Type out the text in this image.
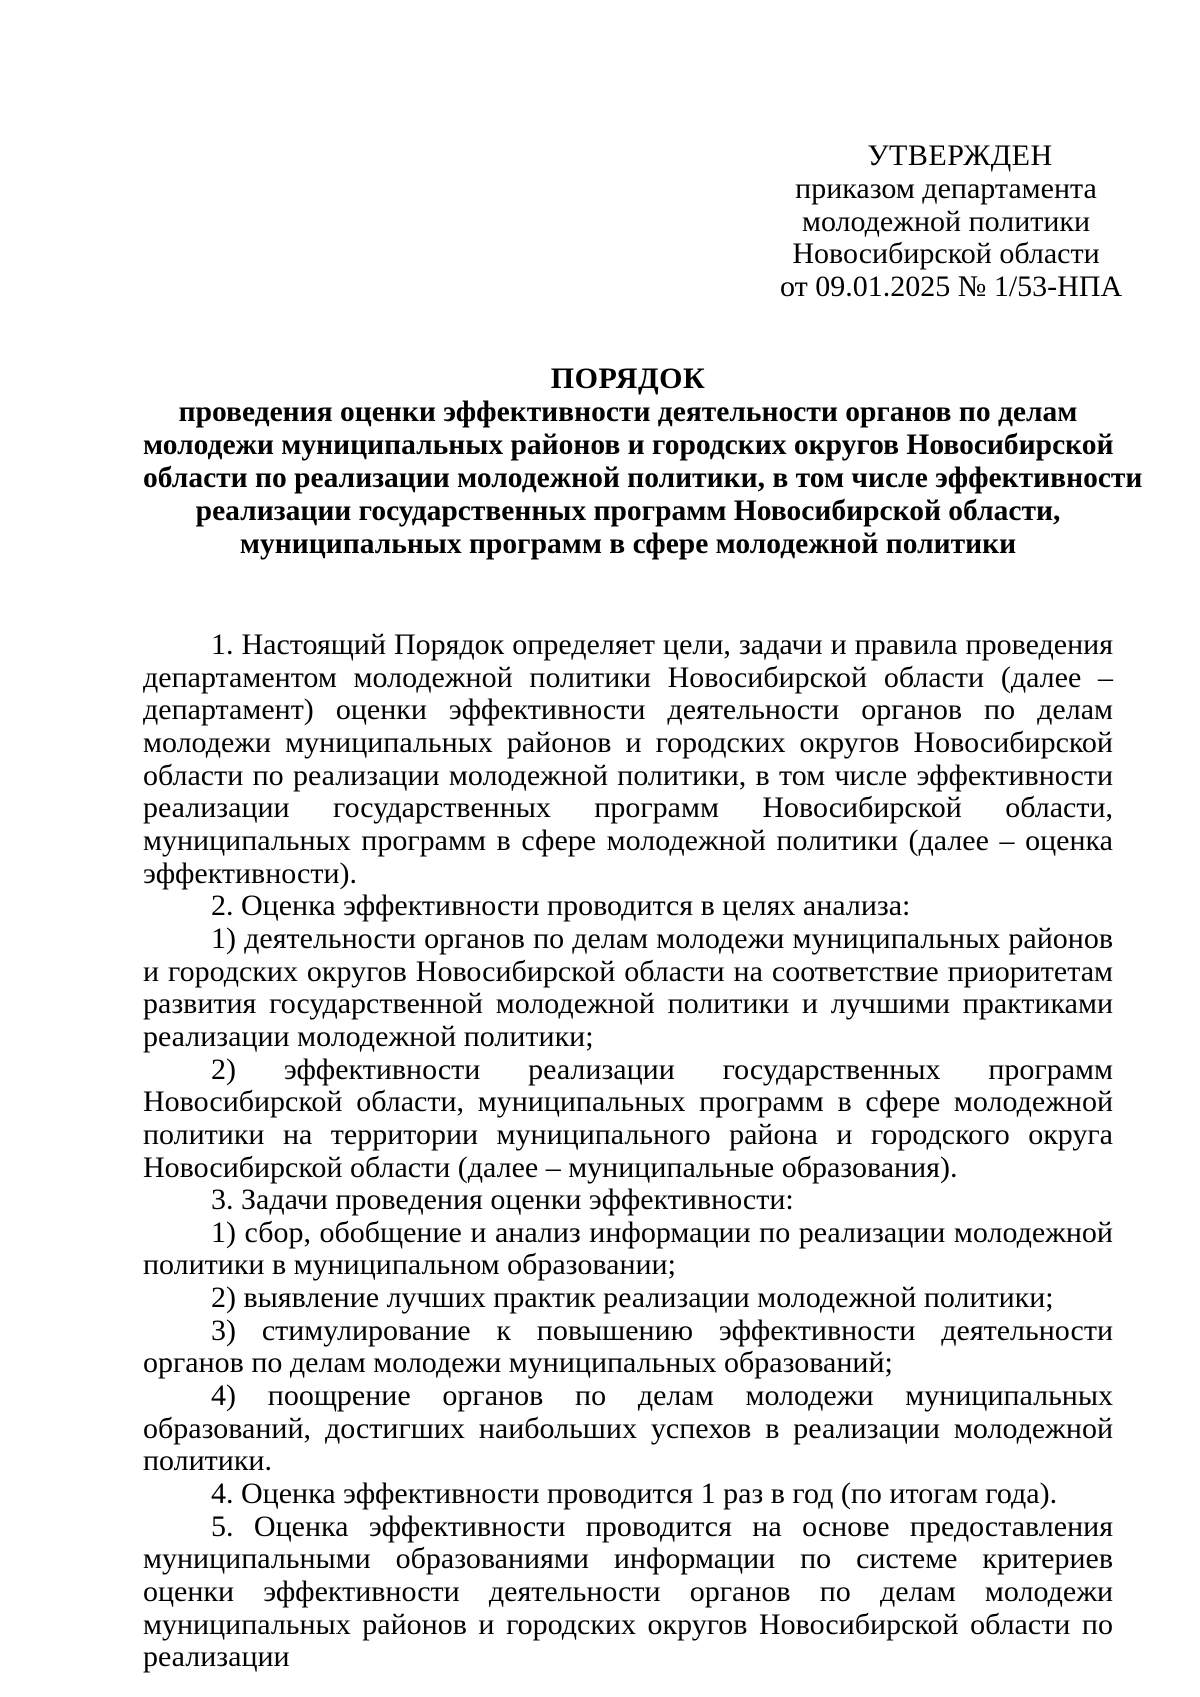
УТВЕРЖДЕН
приказом департамента
молодежной политики
Новосибирской области
от 09.01.2025 № 1/53-НПА
ПОРЯДОК
проведения оценки эффективности деятельности органов по делам
молодежи муниципальных районов и городских округов Новосибирской
области по реализации молодежной политики, в том числе эффективности
реализации государственных программ Новосибирской области,
муниципальных программ в сфере молодежной политики

1. Настоящий Порядок определяет цели, задачи и правила проведения департаментом молодежной политики Новосибирской области (далее – департамент) оценки эффективности деятельности органов по делам молодежи муниципальных районов и городских округов Новосибирской области по реализации молодежной политики, в том числе эффективности реализации государственных программ Новосибирской области, муниципальных программ в сфере молодежной политики (далее – оценка эффективности).

2. Оценка эффективности проводится в целях анализа:

1) деятельности органов по делам молодежи муниципальных районов и городских округов Новосибирской области на соответствие приоритетам развития государственной молодежной политики и лучшими практиками реализации молодежной политики;

2) эффективности реализации государственных программ Новосибирской области, муниципальных программ в сфере молодежной политики на территории муниципального района и городского округа Новосибирской области (далее – муниципальные образования).

3. Задачи проведения оценки эффективности:

1) сбор, обобщение и анализ информации по реализации молодежной политики в муниципальном образовании;

2) выявление лучших практик реализации молодежной политики;

3) стимулирование к повышению эффективности деятельности органов по делам молодежи муниципальных образований;

4) поощрение органов по делам молодежи муниципальных образований, достигших наибольших успехов в реализации молодежной политики.

4. Оценка эффективности проводится 1 раз в год (по итогам года).

5. Оценка эффективности проводится на основе предоставления муниципальными образованиями информации по системе критериев оценки эффективности деятельности органов по делам молодежи муниципальных районов и городских округов Новосибирской области по реализации
